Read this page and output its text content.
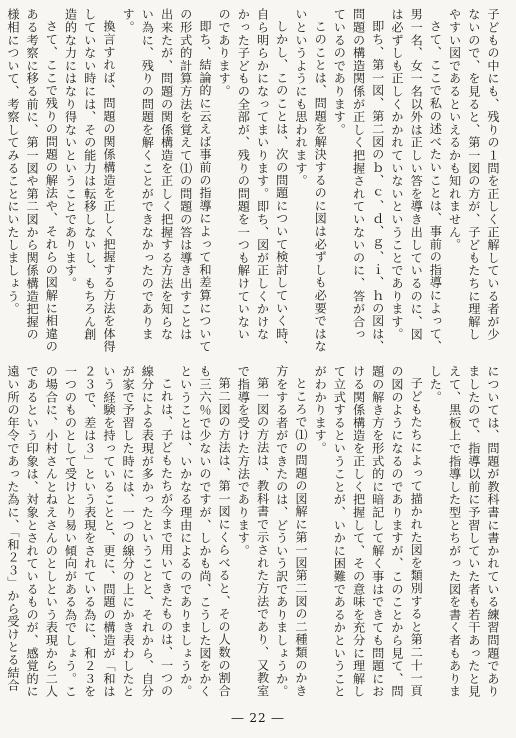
子どもの中にも、残りの１問を正しく正解している者が少ないので、を見ると、第一図の方が、子どもたちに理解しやすい図であるといえるかも知れません。

さて、ここで私の述べたいことは、事前の指導によって、男一名、女一名以外は正しい答を導き出しているのに、図は必ずしも正しくかかれていないということであります。

即ち、第一図、第二図のｂ、ｃ、ｄ、ｇ、ｉ、ｈの図は、問題の構造関係が正しく把握されていないのに、答が合っているのであります。

このことは、問題を解決するのに図は必ずしも必要ではないというようにも思われます。

しかし、このことは、次の問題について検討していく時、自ら明らかになってまいります。即ち、図が正しくかけなかった子どもの全部が、残りの問題を一つも解けていないのであります。

即ち、結論的に云えば事前の指導によって和差算についての形式的計算方法を覚えて⑴の問題の答は導き出すことは出来たが、問題の関係構造を正しく把握する方法を知らない為に、残りの問題を解くことができなかったのであります。

換言すれば、問題の関係構造を正しく把握する方法を体得していない時には、その能力は転移しないし、もちろん創造的な力にはなり得ないということであります。

さて、ここで残りの問題の解法や、それらの図解に相違のある考察に移る前に、第一図や第二図から関係構造把握の様相について、考察してみることにいたしましょう。

については、問題が教科書に書かれている練習問題でありましたので、指導以前に予習していた者も若干あったと見えて、黒板上で指導した型とちがった図を書く者もありました。

子どもたちによって描かれた図を類別すると第二十一頁の図のようになるのでありますが、このことから見て、問題の解き方を形式的に暗記して解く事はできても問題における関係構造を正しく把握して、その意味を充分に理解して立式するということが、いかに困難であるかということがわかります。

ところで⑴の問題の図解に第一図第二図の二種類のかき方をする者ができたのは、どういう訳でありましょうか。

第一図の方法は、教科書で示された方法であり、又教室で指導を受けた方法であります。

第二図の方法は、第一図にくらべると、その人数の割合も三六％で少ないのですが、しかも尚、こうした図をかくということは、いかなる理由によるのでありましょうか。

これは、子どもたちが今まで用いてきたものは、一つの線分による表現が多かったということと、それから、自分が家で予習した時には、一つの線分の上にかき表わしたという経験を持っていることと、更に、問題の構造が「和は２３で、差は３」という表現をされている為に、和２３を一つのものとして受けとり易い傾向がある為でしょう。この場合に、小村さんとねえさんのとしという表現から二人であるという印象は、対象とされているものが、感覚的に遠い所の年令であった為に、「和２３」から受けとる結合

― 22 ―
